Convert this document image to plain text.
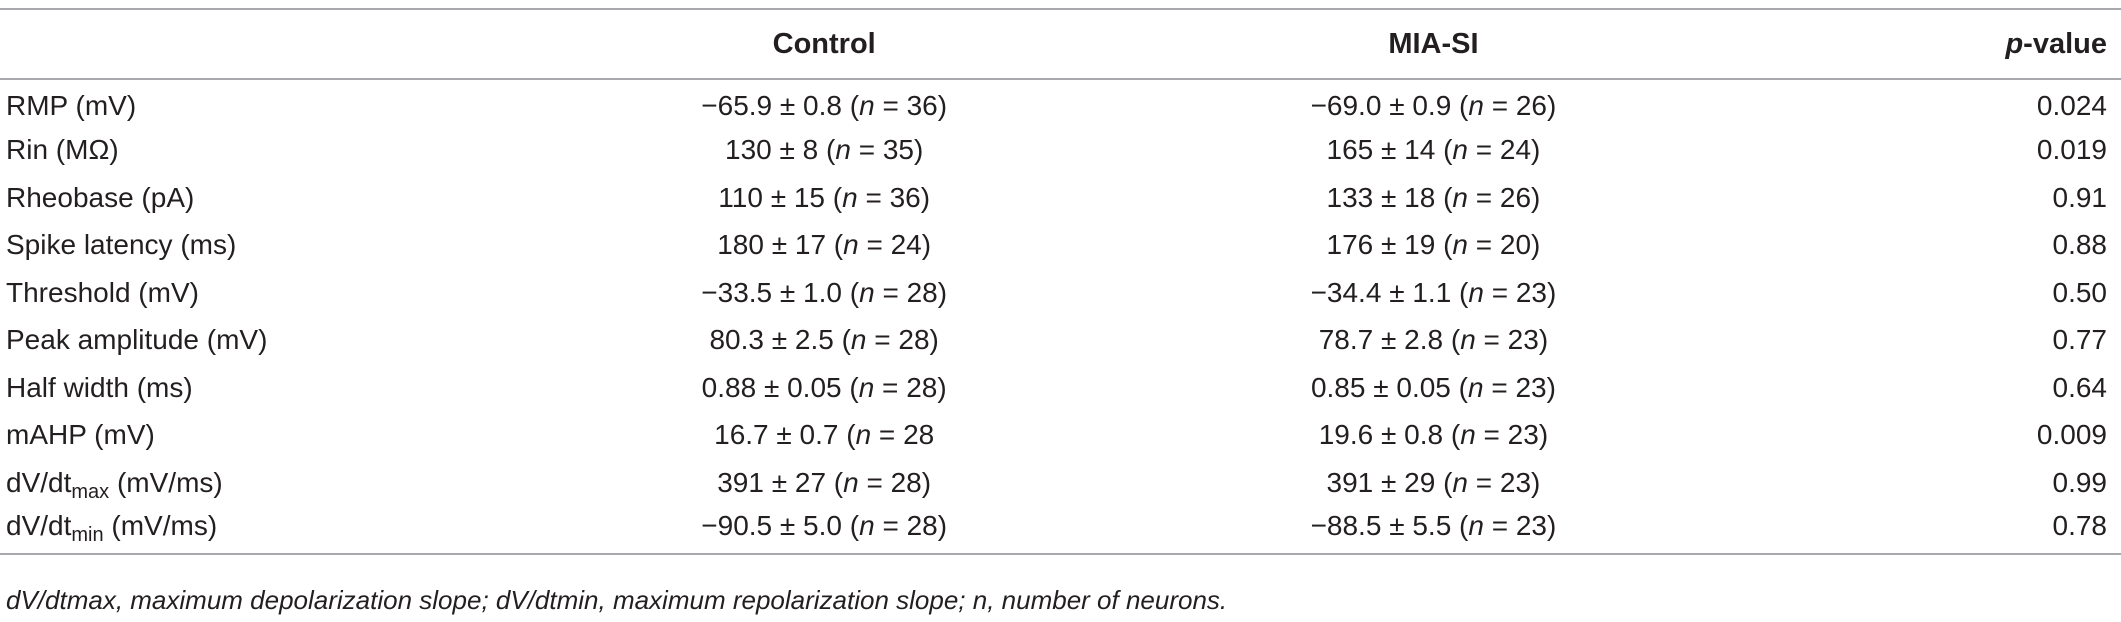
	Control	MIA-SI	p-value
RMP (mV)	−65.9 ± 0.8 (n = 36)	−69.0 ± 0.9 (n = 26)	0.024
Rin (MΩ)	130 ± 8 (n = 35)	165 ± 14 (n = 24)	0.019
Rheobase (pA)	110 ± 15 (n = 36)	133 ± 18 (n = 26)	0.91
Spike latency (ms)	180 ± 17 (n = 24)	176 ± 19 (n = 20)	0.88
Threshold (mV)	−33.5 ± 1.0 (n = 28)	−34.4 ± 1.1 (n = 23)	0.50
Peak amplitude (mV)	80.3 ± 2.5 (n = 28)	78.7 ± 2.8 (n = 23)	0.77
Half width (ms)	0.88 ± 0.05 (n = 28)	0.85 ± 0.05 (n = 23)	0.64
mAHP (mV)	16.7 ± 0.7 (n = 28	19.6 ± 0.8 (n = 23)	0.009
$dV/dt_{max}$ (mV/ms)	391 ± 27 (n = 28)	391 ± 29 (n = 23)	0.99
$dV/dt_{min}$ (mV/ms)	−90.5 ± 5.0 (n = 28)	−88.5 ± 5.5 (n = 23)	0.78
dV/dtmax, maximum depolarization slope; dV/dtmin, maximum repolarization slope; n, number of neurons.
